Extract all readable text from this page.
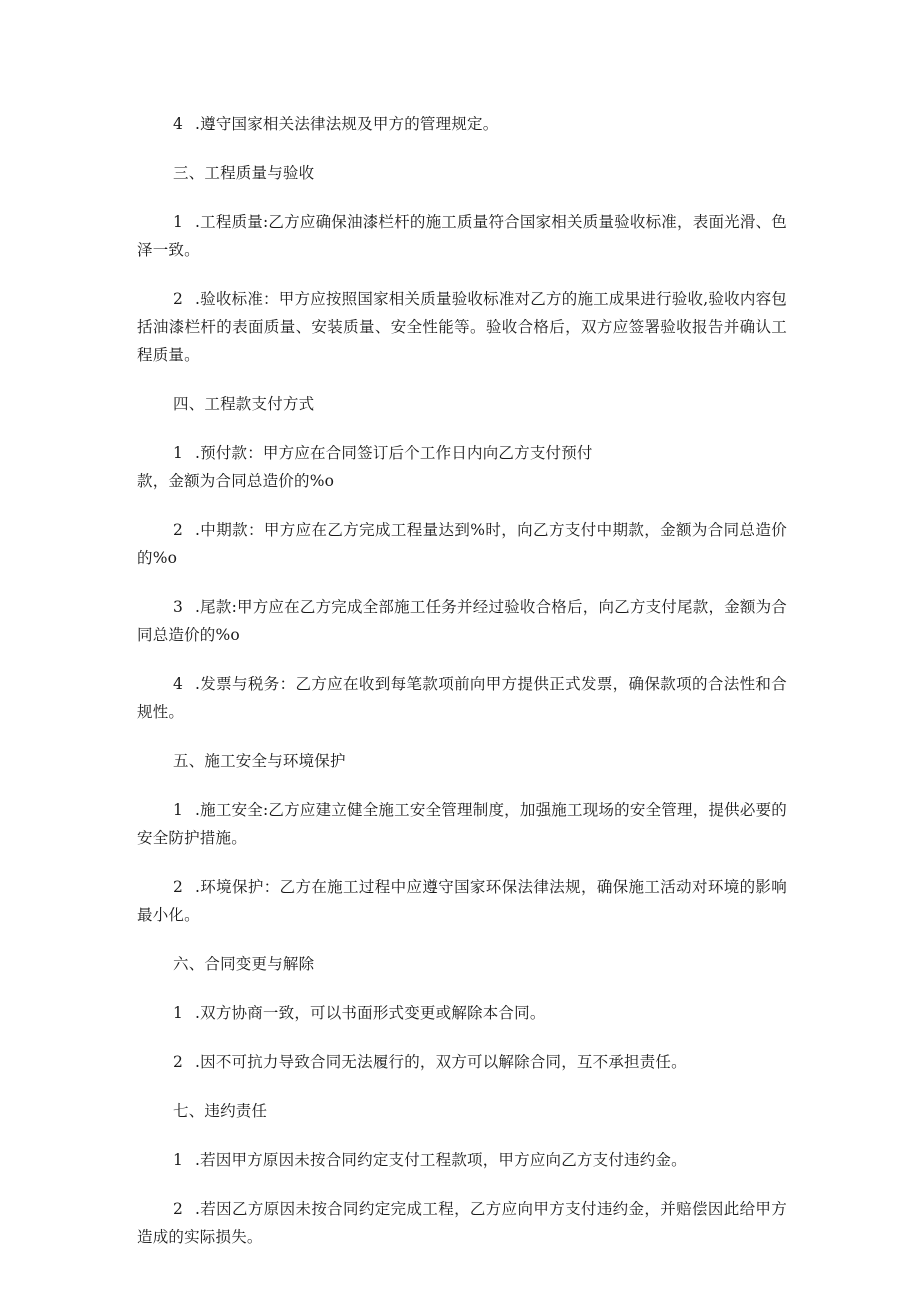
4 .遵守国家相关法律法规及甲方的管理规定。

三、工程质量与验收

1 .工程质量:乙方应确保油漆栏杆的施工质量符合国家相关质量验收标准，表面光滑、色泽一致。

2 .验收标准：甲方应按照国家相关质量验收标准对乙方的施工成果进行验收,验收内容包括油漆栏杆的表面质量、安装质量、安全性能等。验收合格后，双方应签署验收报告并确认工程质量。

四、工程款支付方式

1 .预付款：甲方应在合同签订后个工作日内向乙方支付预付
款，金额为合同总造价的%o

2 .中期款：甲方应在乙方完成工程量达到%时，向乙方支付中期款，金额为合同总造价的%o

3 .尾款:甲方应在乙方完成全部施工任务并经过验收合格后，向乙方支付尾款，金额为合同总造价的%o

4 .发票与税务：乙方应在收到每笔款项前向甲方提供正式发票，确保款项的合法性和合规性。

五、施工安全与环境保护

1 .施工安全:乙方应建立健全施工安全管理制度，加强施工现场的安全管理，提供必要的安全防护措施。

2 .环境保护：乙方在施工过程中应遵守国家环保法律法规，确保施工活动对环境的影响最小化。

六、合同变更与解除

1 .双方协商一致，可以书面形式变更或解除本合同。

2 .因不可抗力导致合同无法履行的，双方可以解除合同，互不承担责任。

七、违约责任

1 .若因甲方原因未按合同约定支付工程款项，甲方应向乙方支付违约金。

2 .若因乙方原因未按合同约定完成工程，乙方应向甲方支付违约金，并赔偿因此给甲方造成的实际损失。
